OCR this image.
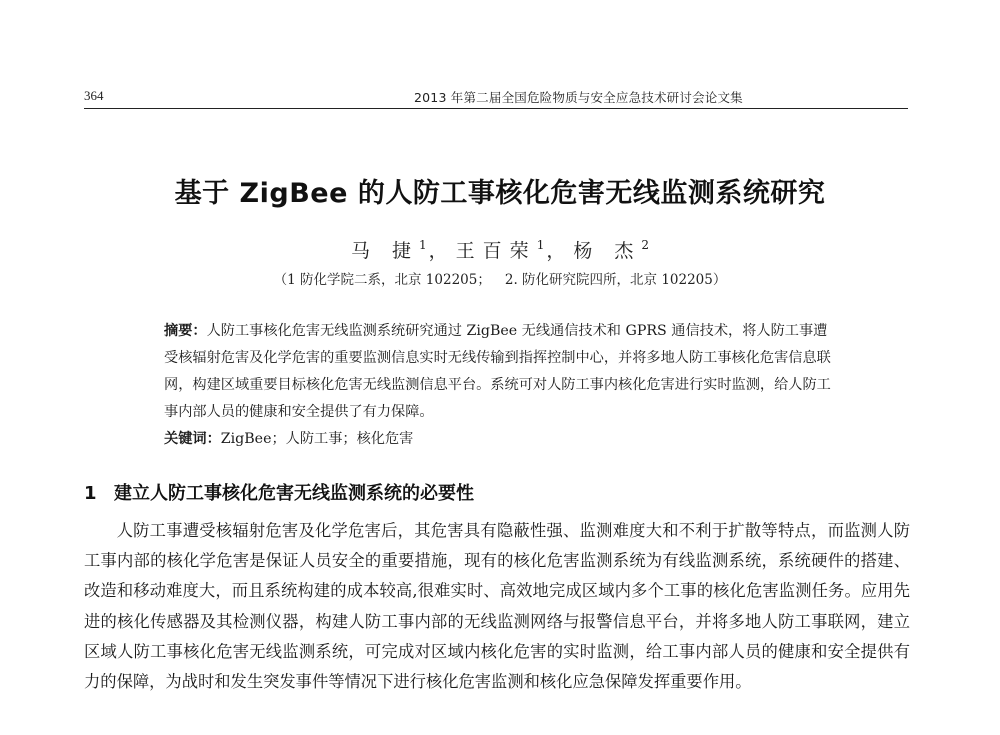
364	2013 年第二届全国危险物质与安全应急技术研讨会论文集
基于 ZigBee 的人防工事核化危害无线监测系统研究
马 捷$^1$ ， 王百荣$^1$ ， 杨 杰$^2$
（1 防化学院二系，北京 102205； 2. 防化研究院四所，北京 102205）

摘要：人防工事核化危害无线监测系统研究通过 ZigBee 无线通信技术和 GPRS 通信技术，将人防工事遭受核辐射危害及化学危害的重要监测信息实时无线传输到指挥控制中心，并将多地人防工事核化危害信息联网，构建区域重要目标核化危害无线监测信息平台。系统可对人防工事内核化危害进行实时监测，给人防工事内部人员的健康和安全提供了有力保障。

关键词：ZigBee；人防工事；核化危害
1 建立人防工事核化危害无线监测系统的必要性

人防工事遭受核辐射危害及化学危害后，其危害具有隐蔽性强、监测难度大和不利于扩散等特点，而监测人防工事内部的核化学危害是保证人员安全的重要措施，现有的核化危害监测系统为有线监测系统，系统硬件的搭建、改造和移动难度大，而且系统构建的成本较高,很难实时、高效地完成区域内多个工事的核化危害监测任务。应用先进的核化传感器及其检测仪器，构建人防工事内部的无线监测网络与报警信息平台，并将多地人防工事联网，建立区域人防工事核化危害无线监测系统，可完成对区域内核化危害的实时监测，给工事内部人员的健康和安全提供有力的保障，为战时和发生突发事件等情况下进行核化危害监测和核化应急保障发挥重要作用。
